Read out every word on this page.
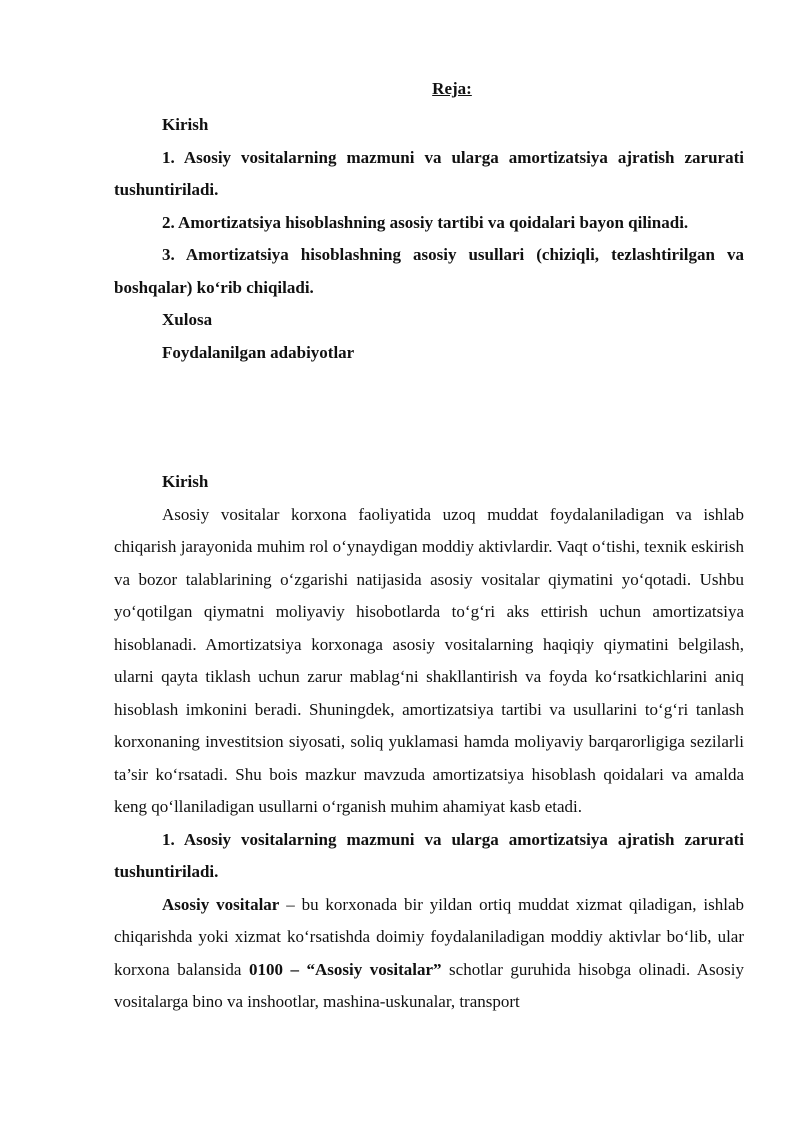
Reja:

Kirish

1. Asosiy vositalarning mazmuni va ularga amortizatsiya ajratish zarurati tushuntiriladi.

2. Amortizatsiya hisoblashning asosiy tartibi va qoidalari bayon qilinadi.

3. Amortizatsiya hisoblashning asosiy usullari (chiziqli, tezlashtirilgan va boshqalar) ko‘rib chiqiladi.

Xulosa

Foydalanilgan adabiyotlar

Kirish

Asosiy vositalar korxona faoliyatida uzoq muddat foydalaniladigan va ishlab chiqarish jarayonida muhim rol o‘ynaydigan moddiy aktivlardir. Vaqt o‘tishi, texnik eskirish va bozor talablarining o‘zgarishi natijasida asosiy vositalar qiymatini yo‘qotadi. Ushbu yo‘qotilgan qiymatni moliyaviy hisobotlarda to‘g‘ri aks ettirish uchun amortizatsiya hisoblanadi. Amortizatsiya korxonaga asosiy vositalarning haqiqiy qiymatini belgilash, ularni qayta tiklash uchun zarur mablag‘ni shakllantirish va foyda ko‘rsatkichlarini aniq hisoblash imkonini beradi. Shuningdek, amortizatsiya tartibi va usullarini to‘g‘ri tanlash korxonaning investitsion siyosati, soliq yuklamasi hamda moliyaviy barqarorligiga sezilarli ta’sir ko‘rsatadi. Shu bois mazkur mavzuda amortizatsiya hisoblash qoidalari va amalda keng qo‘llaniladigan usullarni o‘rganish muhim ahamiyat kasb etadi.

1. Asosiy vositalarning mazmuni va ularga amortizatsiya ajratish zarurati tushuntiriladi.

Asosiy vositalar – bu korxonada bir yildan ortiq muddat xizmat qiladigan, ishlab chiqarishda yoki xizmat ko‘rsatishda doimiy foydalaniladigan moddiy aktivlar bo‘lib, ular korxona balansida 0100 – “Asosiy vositalar” schotlar guruhida hisobga olinadi. Asosiy vositalarga bino va inshootlar, mashina-uskunalar, transport
